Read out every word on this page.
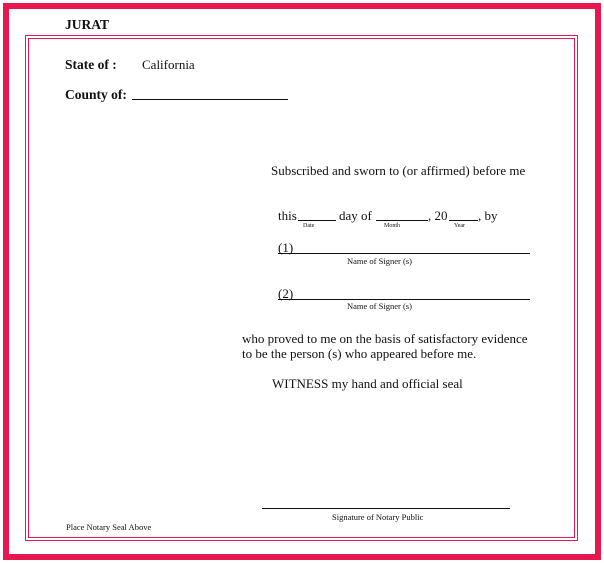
JURAT
State of : California
County of:
Subscribed and sworn to (or affirmed) before me
this
Date
day of
Month
, 20
Year
, by
(1)
Name of Signer (s)
(2)
Name of Signer (s)
who proved to me on the basis of satisfactory evidence
to be the person (s) who appeared before me.
WITNESS my hand and official seal
Signature of Notary Public
Place Notary Seal Above
